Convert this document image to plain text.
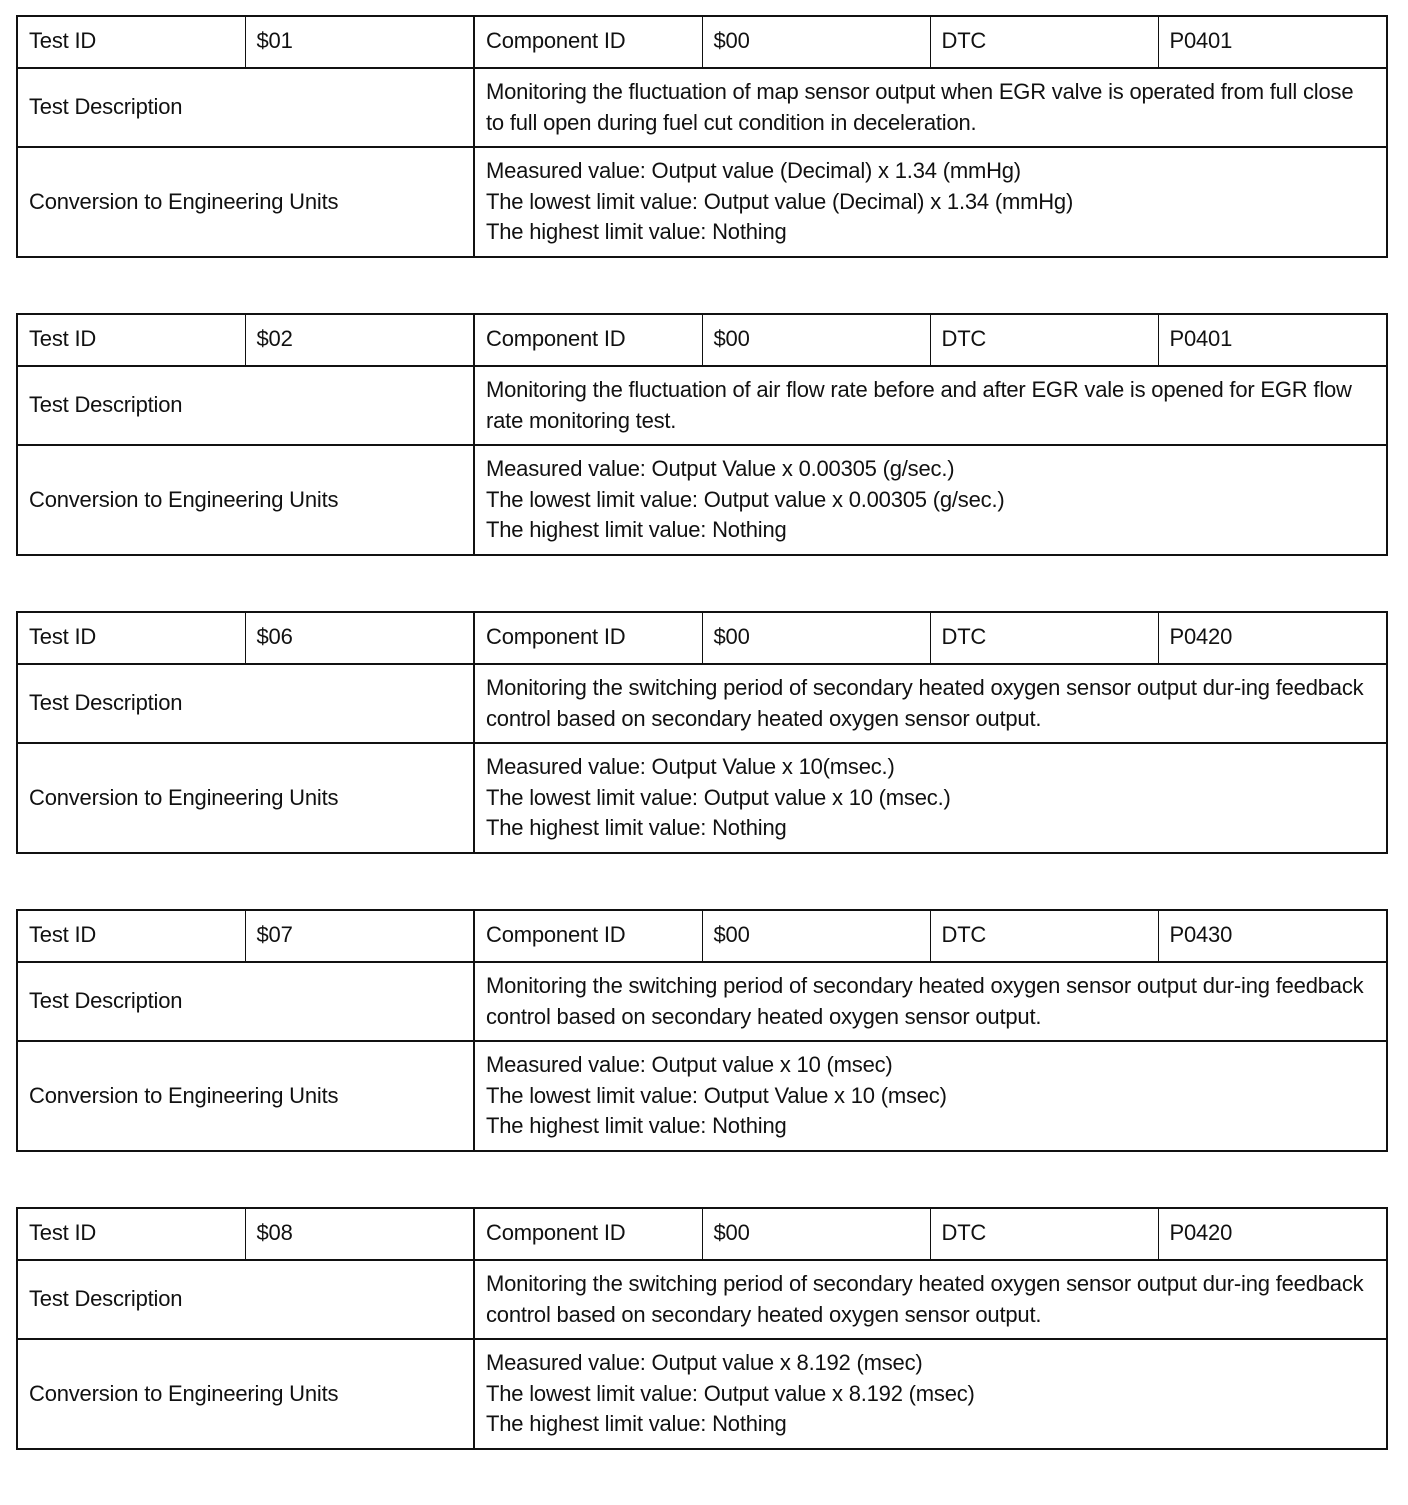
Test ID	$01	Component ID	$00	DTC	P0401
Test Description		Monitoring the fluctuation of map sensor output when EGR valve is operated from full close to full open during fuel cut condition in deceleration.			
Conversion to Engineering Units		Measured value: Output value (Decimal) x 1.34 (mmHg)
The lowest limit value: Output value (Decimal) x 1.34 (mmHg)
The highest limit value: Nothing			
Test ID	$02	Component ID	$00	DTC	P0401
Test Description		Monitoring the fluctuation of air flow rate before and after EGR vale is opened for EGR flow rate monitoring test.			
Conversion to Engineering Units		Measured value: Output Value x 0.00305 (g/sec.)
The lowest limit value: Output value x 0.00305 (g/sec.)
The highest limit value: Nothing			
Test ID	$06	Component ID	$00	DTC	P0420
Test Description		Monitoring the switching period of secondary heated oxygen sensor output dur-ing feedback control based on secondary heated oxygen sensor output.			
Conversion to Engineering Units		Measured value: Output Value x 10(msec.)
The lowest limit value: Output value x 10 (msec.)
The highest limit value: Nothing			
Test ID	$07	Component ID	$00	DTC	P0430
Test Description		Monitoring the switching period of secondary heated oxygen sensor output dur-ing feedback control based on secondary heated oxygen sensor output.			
Conversion to Engineering Units		Measured value: Output value x 10 (msec)
The lowest limit value: Output Value x 10 (msec)
The highest limit value: Nothing			
Test ID	$08	Component ID	$00	DTC	P0420
Test Description		Monitoring the switching period of secondary heated oxygen sensor output dur-ing feedback control based on secondary heated oxygen sensor output.			
Conversion to Engineering Units		Measured value: Output value x 8.192 (msec)
The lowest limit value: Output value x 8.192 (msec)
The highest limit value: Nothing			
